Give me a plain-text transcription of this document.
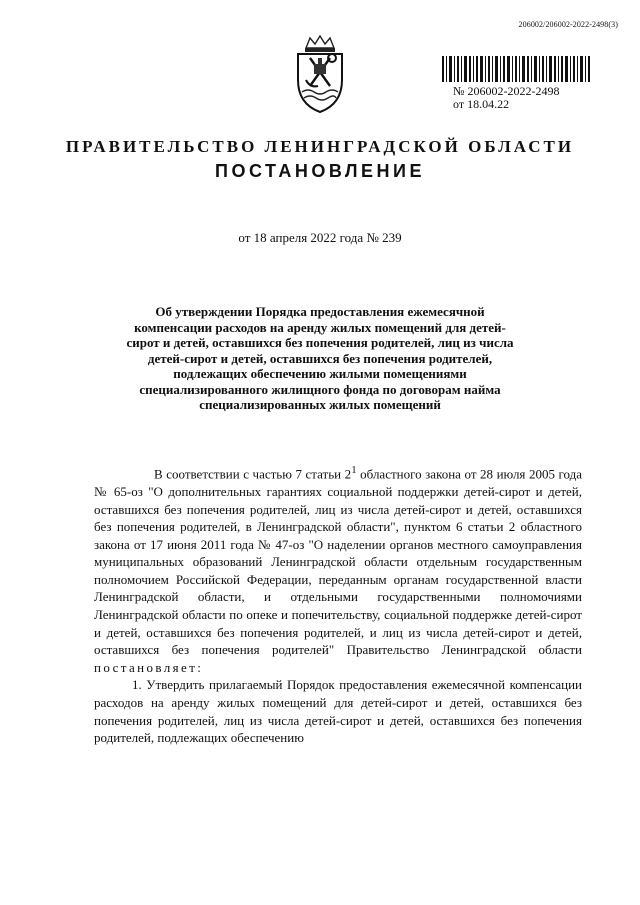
206002/206002-2022-2498(3)
№ 206002-2022-2498
от 18.04.22
ПРАВИТЕЛЬСТВО ЛЕНИНГРАДСКОЙ ОБЛАСТИ
ПОСТАНОВЛЕНИЕ
от 18 апреля 2022 года № 239
Об утверждении Порядка предоставления ежемесячной компенсации расходов на аренду жилых помещений для детей-сирот и детей, оставшихся без попечения родителей, лиц из числа детей-сирот и детей, оставшихся без попечения родителей, подлежащих обеспечению жилыми помещениями специализированного жилищного фонда по договорам найма специализированных жилых помещений

В соответствии с частью 7 статьи $2^1$ областного закона от 28 июля 2005 года № 65-оз "О дополнительных гарантиях социальной поддержки детей-сирот и детей, оставшихся без попечения родителей, лиц из числа детей-сирот и детей, оставшихся без попечения родителей, в Ленинградской области", пунктом 6 статьи 2 областного закона от 17 июня 2011 года № 47-оз "О наделении органов местного самоуправления муниципальных образований Ленинградской области отдельным государственным полномочием Российской Федерации, переданным органам государственной власти Ленинградской области, и отдельными государственными полномочиями Ленинградской области по опеке и попечительству, социальной поддержке детей-сирот и детей, оставшихся без попечения родителей, и лиц из числа детей-сирот и детей, оставшихся без попечения родителей" Правительство Ленинградской области постановляет:

1. Утвердить прилагаемый Порядок предоставления ежемесячной компенсации расходов на аренду жилых помещений для детей-сирот и детей, оставшихся без попечения родителей, лиц из числа детей-сирот и детей, оставшихся без попечения родителей, подлежащих обеспечению
